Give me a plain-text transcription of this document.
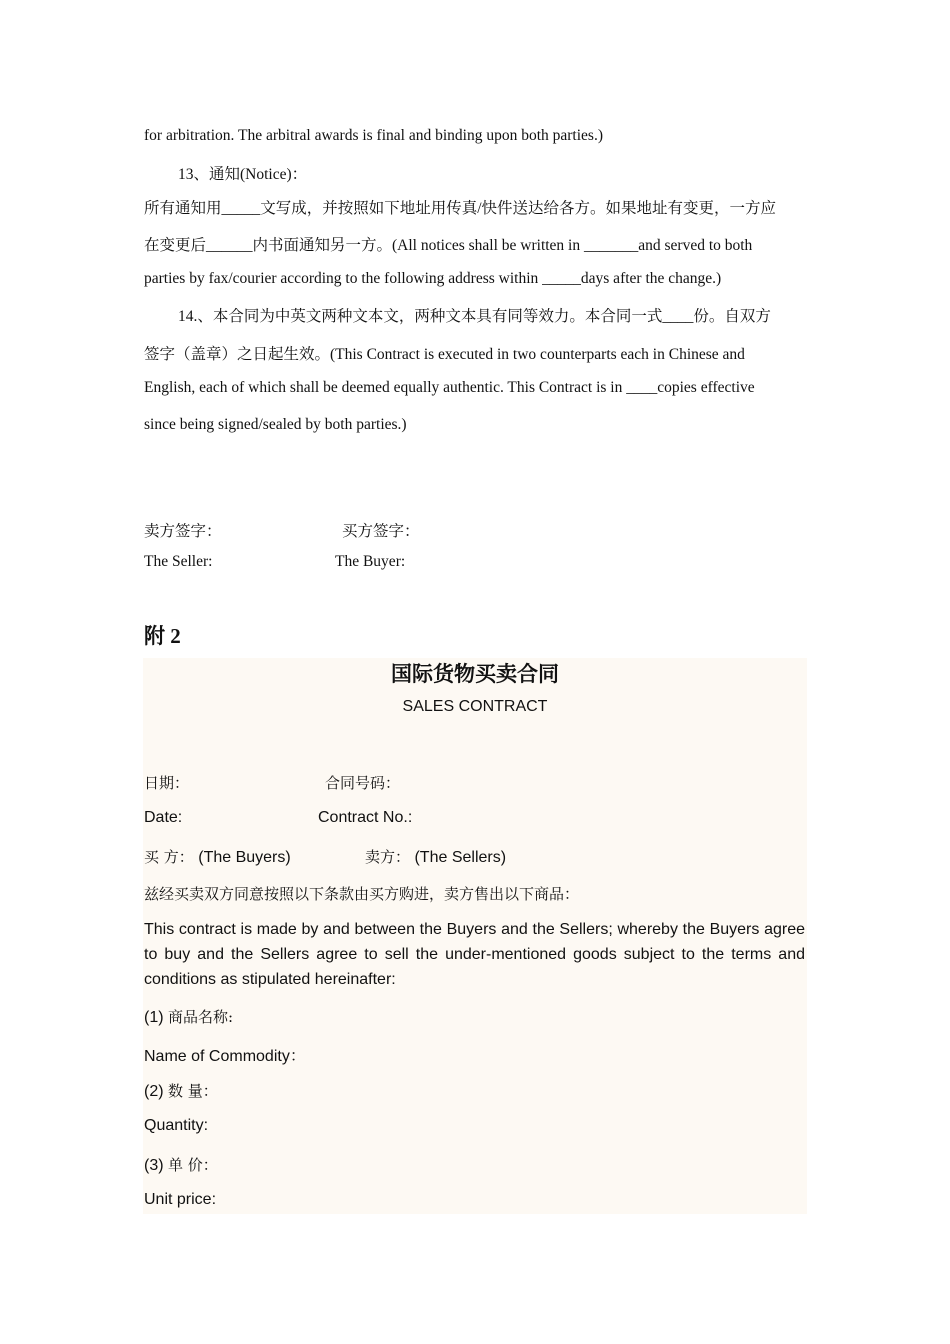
for arbitration. The arbitral awards is final and binding upon both parties.)
13、通知(Notice)：
所有通知用_____文写成，并按照如下地址用传真/快件送达给各方。如果地址有变更，一方应
在变更后______内书面通知另一方。(All notices shall be written in _______and served to both
parties by fax/courier according to the following address within _____days after the change.)
14.、本合同为中英文两种文本文，两种文本具有同等效力。本合同一式____份。自双方
签字（盖章）之日起生效。(This Contract is executed in two counterparts each in Chinese and
English, each of which shall be deemed equally authentic. This Contract is in ____copies effective
since being signed/sealed by both parties.)
卖方签字：	买方签字：
The Seller:	The Buyer:
附 2
国际货物买卖合同
SALES CONTRACT
日期：	合同号码：
Date:	Contract No.:
买 方： (The Buyers)	卖方： (The Sellers)
兹经买卖双方同意按照以下条款由买方购进，卖方售出以下商品：
This contract is made by and between the Buyers and the Sellers; whereby the Buyers agree to buy and the Sellers agree to sell the under-mentioned goods subject to the terms and conditions as stipulated hereinafter:
(1) 商品名称:
Name of Commodity：
(2) 数 量：
Quantity:
(3) 单 价：
Unit price:
